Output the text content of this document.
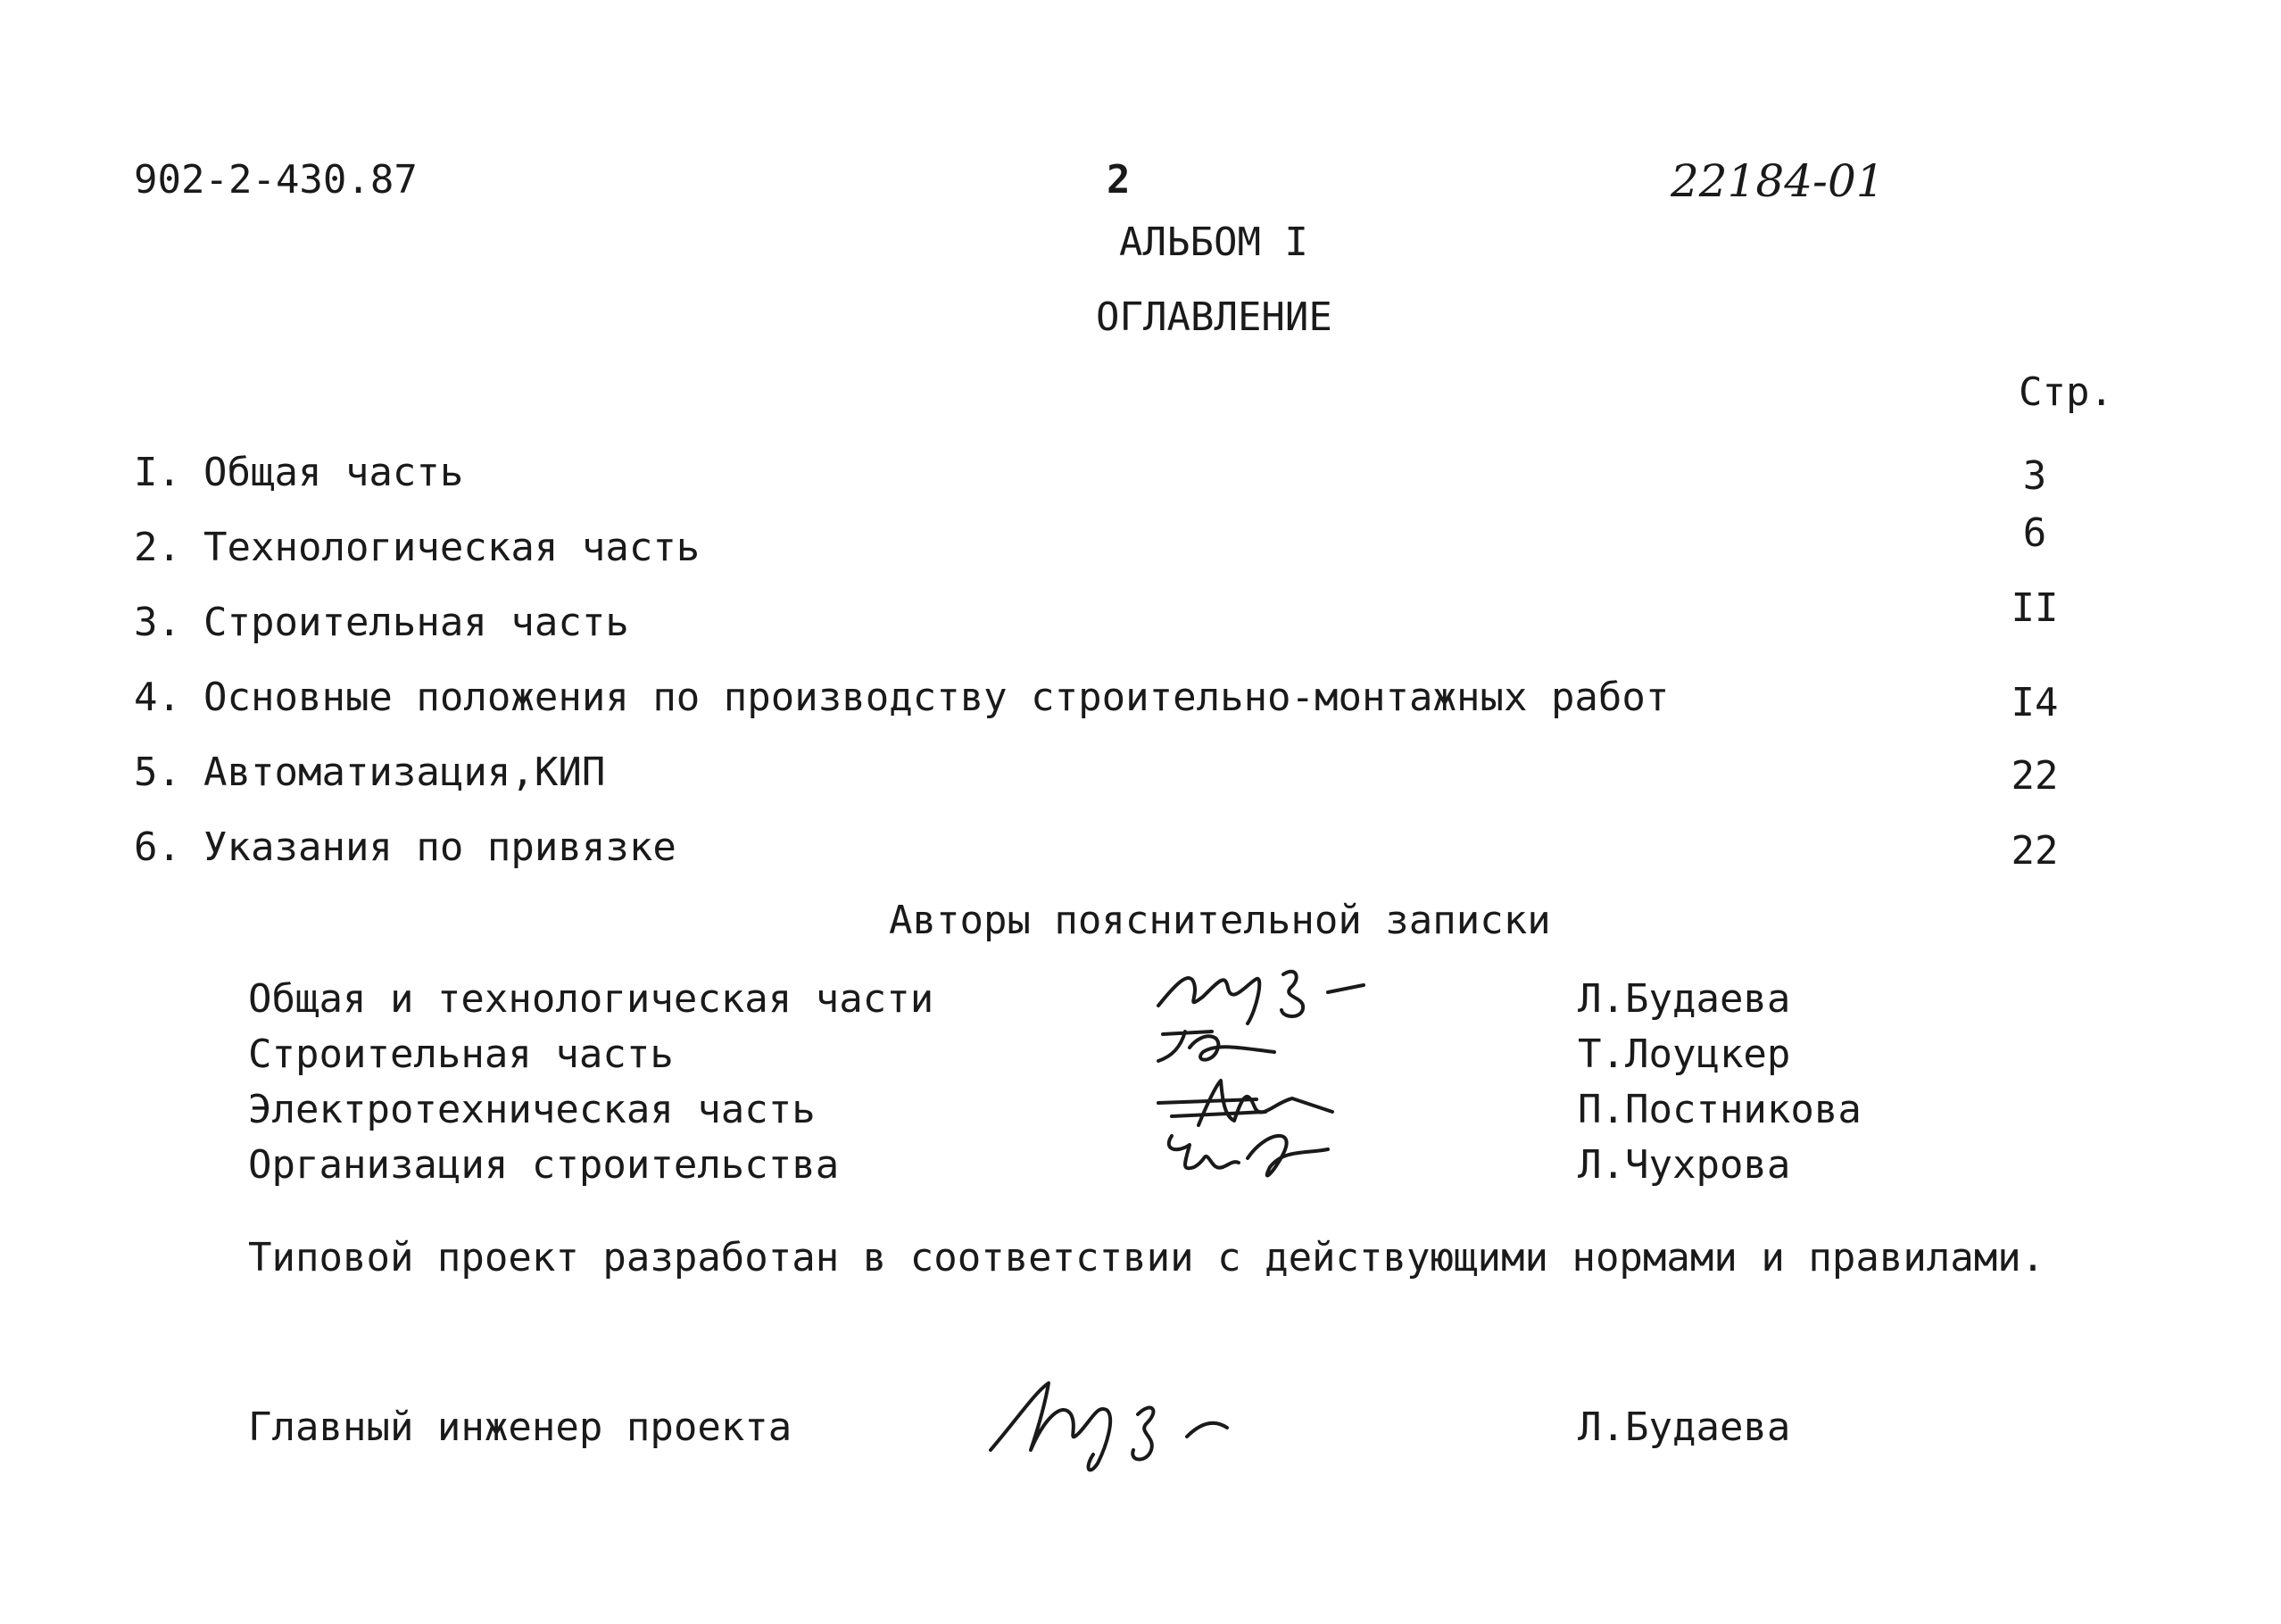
902-2-430.87	2	22184-01
АЛЬБОМ I
ОГЛАВЛЕНИЕ
Стр.
I. Общая часть	3
2. Технологическая часть	6
3. Строительная часть	II
4. Основные положения по производству строительно-монтажных работ	I4
5. Автоматизация,КИП	22
6. Указания по привязке	22
Авторы пояснительной записки
Общая и технологическая части	Л.Будаева
Строительная часть	Т.Лоуцкер
Электротехническая часть	П.Постникова
Организация строительства	Л.Чухрова
Типовой проект разработан в соответствии с действующими нормами и правилами.
Главный инженер проекта	Л.Будаева
